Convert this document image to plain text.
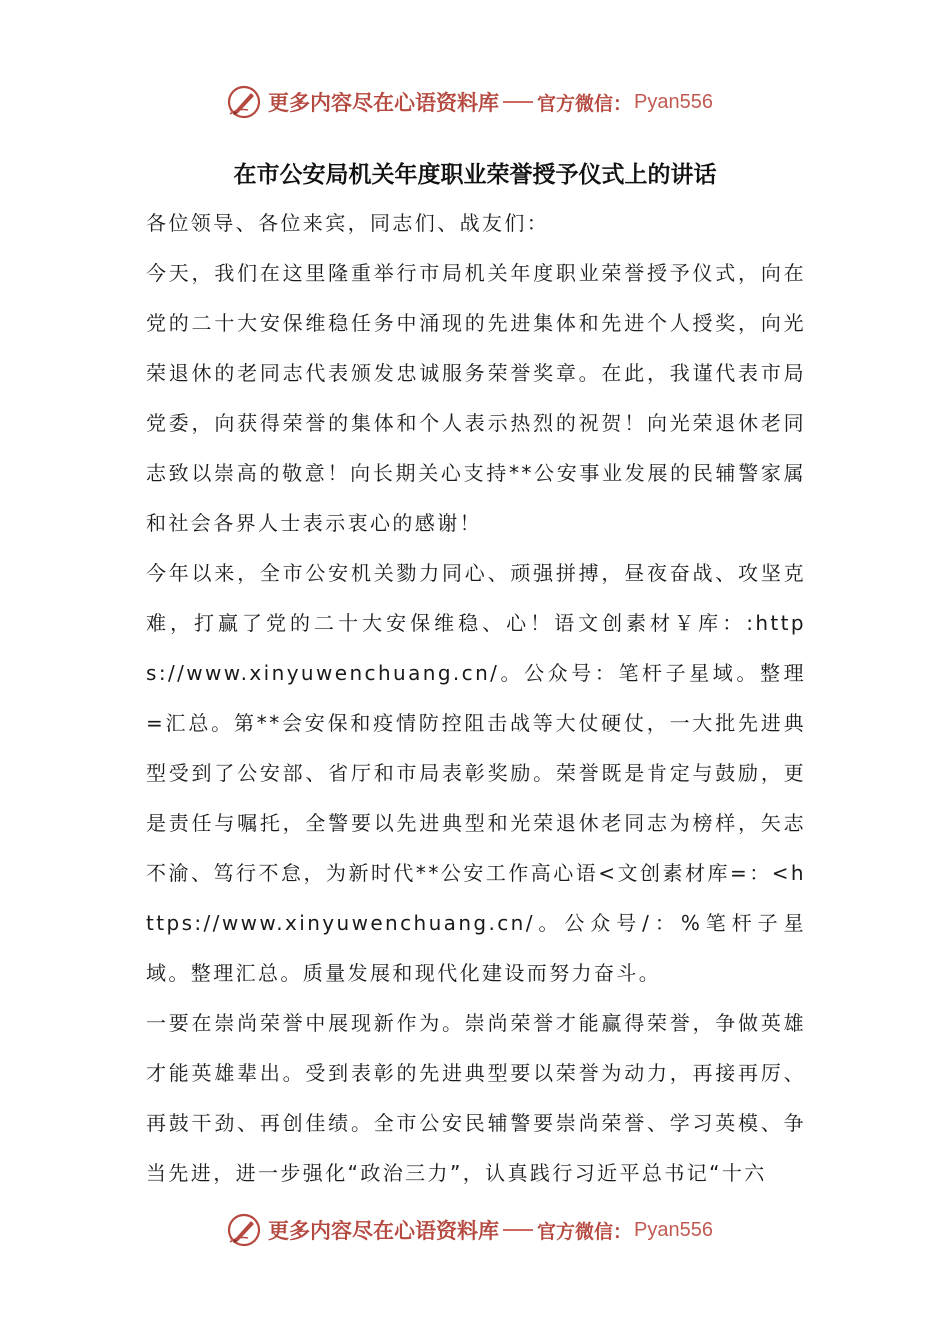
更多内容尽在心语资料库 官方微信： Pyan556
在市公安局机关年度职业荣誉授予仪式上的讲话

各位领导、各位来宾，同志们、战友们：

今天，我们在这里隆重举行市局机关年度职业荣誉授予仪式，向在党的二十大安保维稳任务中涌现的先进集体和先进个人授奖，向光荣退休的老同志代表颁发忠诚服务荣誉奖章。在此，我谨代表市局党委，向获得荣誉的集体和个人表示热烈的祝贺！向光荣退休老同志致以崇高的敬意！向长期关心支持**公安事业发展的民辅警家属和社会各界人士表示衷心的感谢！

今年以来，全市公安机关勠力同心、顽强拼搏，昼夜奋战、攻坚克难，打赢了党的二十大安保维稳、心！语文创素材￥库：:https://www.xinyuwenchuang.cn/。公众号：笔杆子星域。整理=汇总。第**会安保和疫情防控阻击战等大仗硬仗，一大批先进典型受到了公安部、省厅和市局表彰奖励。荣誉既是肯定与鼓励，更是责任与嘱托，全警要以先进典型和光荣退休老同志为榜样，矢志不渝、笃行不怠，为新时代**公安工作高心语<文创素材库=：<https://www.xinyuwenchuang.cn/。公众号/：%笔杆子星域。整理汇总。质量发展和现代化建设而努力奋斗。

一要在崇尚荣誉中展现新作为。崇尚荣誉才能赢得荣誉，争做英雄才能英雄辈出。受到表彰的先进典型要以荣誉为动力，再接再厉、再鼓干劲、再创佳绩。全市公安民辅警要崇尚荣誉、学习英模、争当先进，进一步强化“政治三力”，认真践行习近平总书记“十六

更多内容尽在心语资料库 官方微信： Pyan556
